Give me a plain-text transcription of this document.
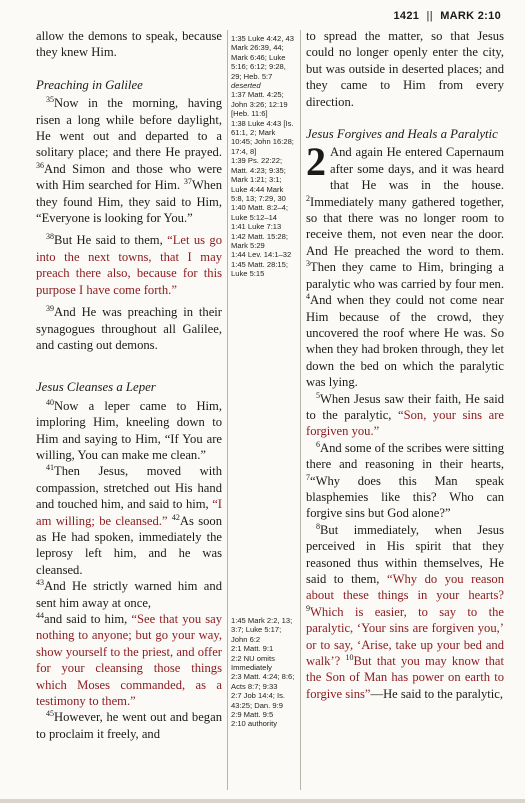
1421 || MARK 2:10

allow the demons to speak, because they knew Him.

Preaching in Galilee

$^{35}$Now in the morning, having risen a long while before daylight, He went out and departed to a solitary place; and there He prayed. $^{36}$And Simon and those who were with Him searched for Him. $^{37}$When they found Him, they said to Him, “Everyone is looking for You.”

$^{38}$But He said to them, “Let us go into the next towns, that I may preach there also, because for this purpose I have come forth.”

$^{39}$And He was preaching in their synagogues throughout all Galilee, and casting out demons.

Jesus Cleanses a Leper

$^{40}$Now a leper came to Him, imploring Him, kneeling down to Him and saying to Him, “If You are willing, You can make me clean.”

$^{41}$Then Jesus, moved with compassion, stretched out His hand and touched him, and said to him, “I am willing; be cleansed.” $^{42}$As soon as He had spoken, immediately the leprosy left him, and he was cleansed.

$^{43}$And He strictly warned him and sent him away at once,

$^{44}$and said to him, “See that you say nothing to anyone; but go your way, show yourself to the priest, and offer for your cleansing those things which Moses commanded, as a testimony to them.”

$^{45}$However, he went out and began to proclaim it freely, and

1:35 Luke 4:42, 43 Mark 26:39, 44; Mark 6:46; Luke 5:16; 6:12; 9:28, 29; Heb. 5:7

deserted

1:37 Matt. 4:25; John 3:26; 12:19 [Heb. 11:6]

1:38 Luke 4:43 [Is. 61:1, 2; Mark 10:45; John 16:28; 17:4, 8]

1:39 Ps. 22:22; Matt. 4:23; 9:35; Mark 1:21; 3:1; Luke 4:44 Mark 5:8, 13; 7:29, 30

1:40 Matt. 8:2–4; Luke 5:12–14

1:41 Luke 7:13

1:42 Matt. 15:28; Mark 5:29

1:44 Lev. 14:1–32

1:45 Matt. 28:15; Luke 5:15

1:45 Mark 2:2, 13; 3:7; Luke 5:17; John 6:2

2:1 Matt. 9:1

2:2 NU omits Immediately

2:3 Matt. 4:24; 8:6; Acts 8:7; 9:33

2:7 Job 14:4; Is. 43:25; Dan. 9:9

2:9 Matt. 9:5

2:10 authority

to spread the matter, so that Jesus could no longer openly enter the city, but was outside in deserted places; and they came to Him from every direction.

Jesus Forgives and Heals a Paralytic

2 And again He entered Capernaum after some days, and it was heard that He was in the house. $^2$Immediately many gathered together, so that there was no longer room to receive them, not even near the door. And He preached the word to them. $^3$Then they came to Him, bringing a paralytic who was carried by four men. $^4$And when they could not come near Him because of the crowd, they uncovered the roof where He was. So when they had broken through, they let down the bed on which the paralytic was lying.

$^5$When Jesus saw their faith, He said to the paralytic, “Son, your sins are forgiven you.”

$^6$And some of the scribes were sitting there and reasoning in their hearts, $^7$“Why does this Man speak blasphemies like this? Who can forgive sins but God alone?”

$^8$But immediately, when Jesus perceived in His spirit that they reasoned thus within themselves, He said to them, “Why do you reason about these things in your hearts? $^9$Which is easier, to say to the paralytic, ‘Your sins are forgiven you,’ or to say, ‘Arise, take up your bed and walk’? $^{10}$But that you may know that the Son of Man has power on earth to forgive sins”—He said to the paralytic,
